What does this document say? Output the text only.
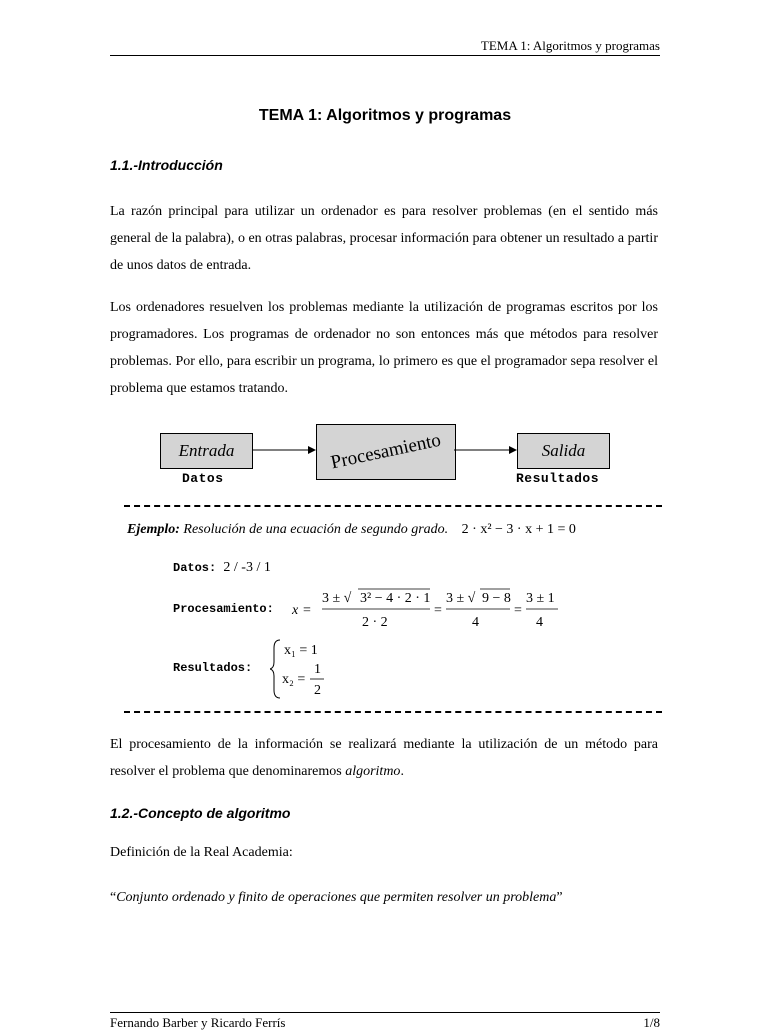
TEMA 1: Algoritmos y programas
TEMA 1: Algoritmos y programas
1.1.-Introducción

La razón principal para utilizar un ordenador es para resolver problemas (en el sentido más general de la palabra), o en otras palabras, procesar información para obtener un resultado a partir de unos datos de entrada.

Los ordenadores resuelven los problemas mediante la utilización de programas escritos por los programadores. Los programas de ordenador no son entonces más que métodos para resolver problemas. Por ello, para escribir un programa, lo primero es que el programador sepa resolver el problema que estamos tratando.

Entrada	Procesamiento	Salida
Datos	Resultados
Ejemplo: Resolución de una ecuación de segundo grado. 2 · x² − 3 · x + 1 = 0
Datos: 2 / -3 / 1
Procesamiento: x =
3 ± √ 3² − 4 · 2 · 1
2 · 2
=
3 ± √ 9 − 8
4
=
3 ± 1
4
Resultados:
x₁ = 1
x₂ =
1
2

El procesamiento de la información se realizará mediante la utilización de un método para resolver el problema que denominaremos algoritmo.

1.2.-Concepto de algoritmo
Definición de la Real Academia:
“Conjunto ordenado y finito de operaciones que permiten resolver un problema”
Fernando Barber y Ricardo Ferrís	1/8
